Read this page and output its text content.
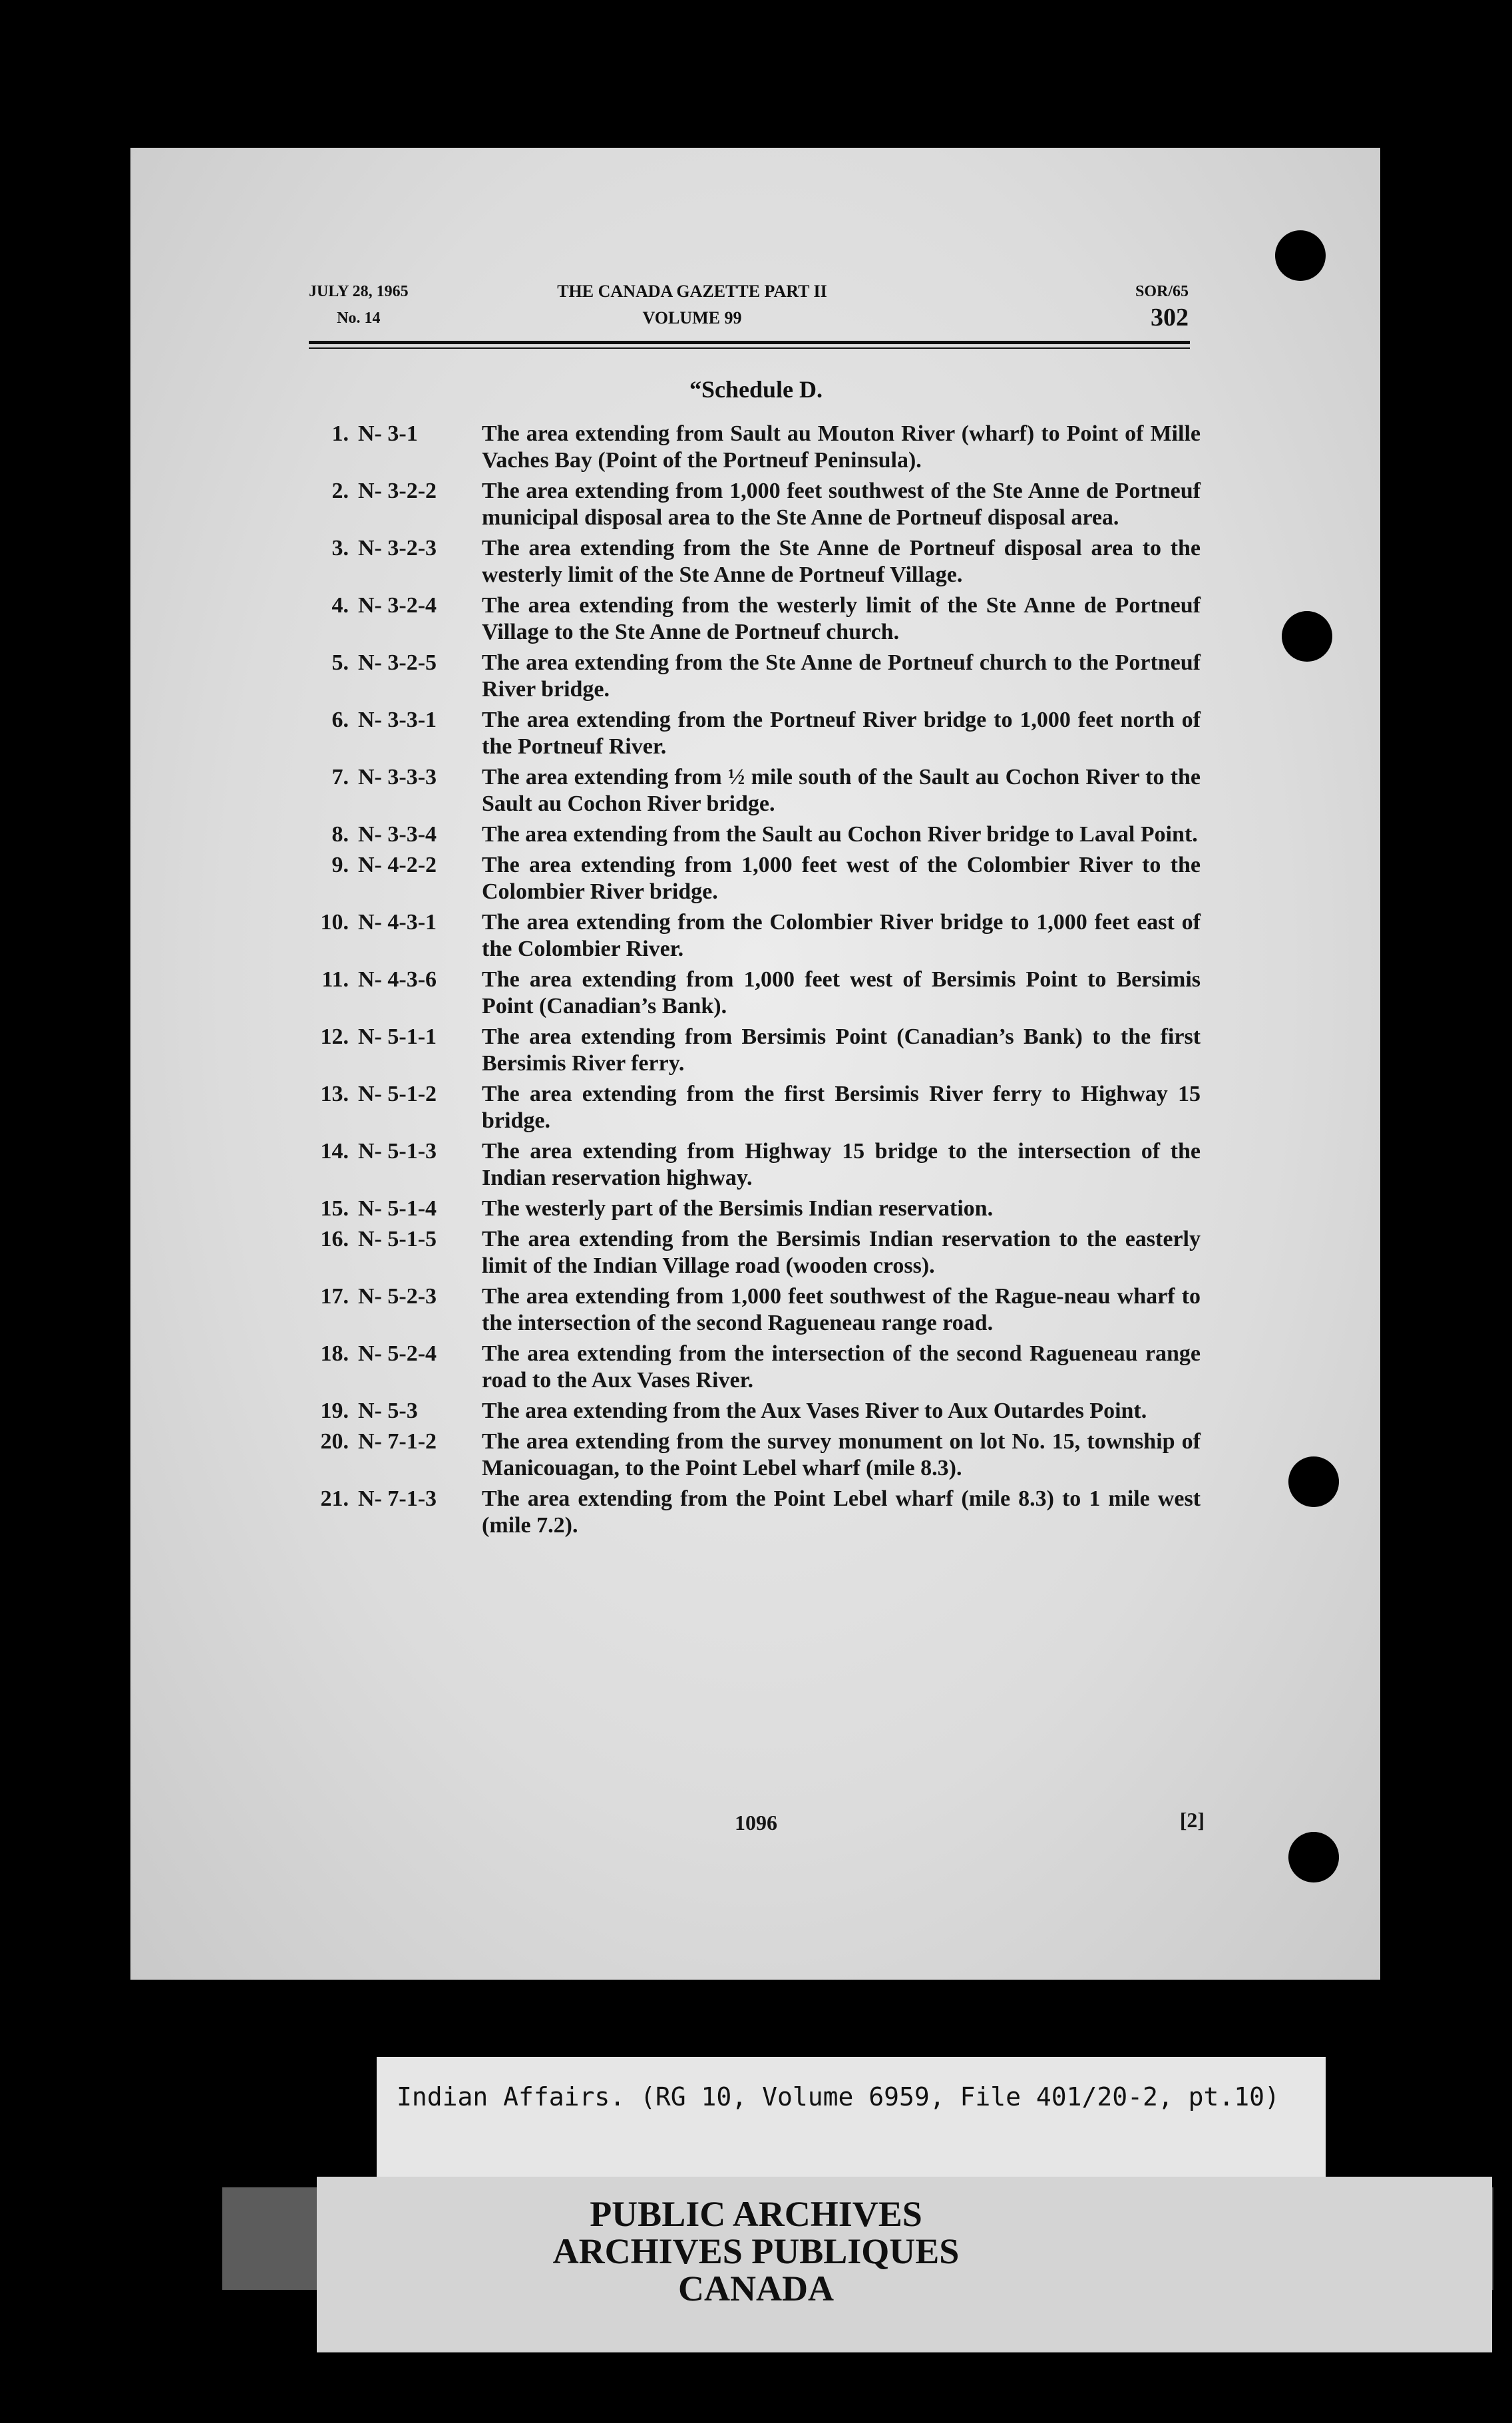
JULY 28, 1965
No. 14
THE CANADA GAZETTE PART II
VOLUME 99
SOR/65
302
“Schedule D.
1. N- 3-1	The area extending from Sault au Mouton River (wharf) to Point of Mille Vaches Bay (Point of the Portneuf Peninsula).
2. N- 3-2-2	The area extending from 1,000 feet southwest of the Ste Anne de Portneuf municipal disposal area to the Ste Anne de Portneuf disposal area.
3. N- 3-2-3	The area extending from the Ste Anne de Portneuf disposal area to the westerly limit of the Ste Anne de Portneuf Village.
4. N- 3-2-4	The area extending from the westerly limit of the Ste Anne de Portneuf Village to the Ste Anne de Portneuf church.
5. N- 3-2-5	The area extending from the Ste Anne de Portneuf church to the Portneuf River bridge.
6. N- 3-3-1	The area extending from the Portneuf River bridge to 1,000 feet north of the Portneuf River.
7. N- 3-3-3	The area extending from ½ mile south of the Sault au Cochon River to the Sault au Cochon River bridge.
8. N- 3-3-4	The area extending from the Sault au Cochon River bridge to Laval Point.
9. N- 4-2-2	The area extending from 1,000 feet west of the Colombier River to the Colombier River bridge.
10. N- 4-3-1	The area extending from the Colombier River bridge to 1,000 feet east of the Colombier River.
11. N- 4-3-6	The area extending from 1,000 feet west of Bersimis Point to Bersimis Point (Canadian’s Bank).
12. N- 5-1-1	The area extending from Bersimis Point (Canadian’s Bank) to the first Bersimis River ferry.
13. N- 5-1-2	The area extending from the first Bersimis River ferry to Highway 15 bridge.
14. N- 5-1-3	The area extending from Highway 15 bridge to the intersection of the Indian reservation highway.
15. N- 5-1-4	The westerly part of the Bersimis Indian reservation.
16. N- 5-1-5	The area extending from the Bersimis Indian reservation to the easterly limit of the Indian Village road (wooden cross).
17. N- 5-2-3	The area extending from 1,000 feet southwest of the Rague-neau wharf to the intersection of the second Ragueneau range road.
18. N- 5-2-4	The area extending from the intersection of the second Ragueneau range road to the Aux Vases River.
19. N- 5-3	The area extending from the Aux Vases River to Aux Outardes Point.
20. N- 7-1-2	The area extending from the survey monument on lot No. 15, township of Manicouagan, to the Point Lebel wharf (mile 8.3).
21. N- 7-1-3	The area extending from the Point Lebel wharf (mile 8.3) to 1 mile west (mile 7.2).
1096	[2]
Indian Affairs. (RG 10, Volume 6959, File 401/20-2, pt.10)
PUBLIC ARCHIVES
ARCHIVES PUBLIQUES
CANADA
